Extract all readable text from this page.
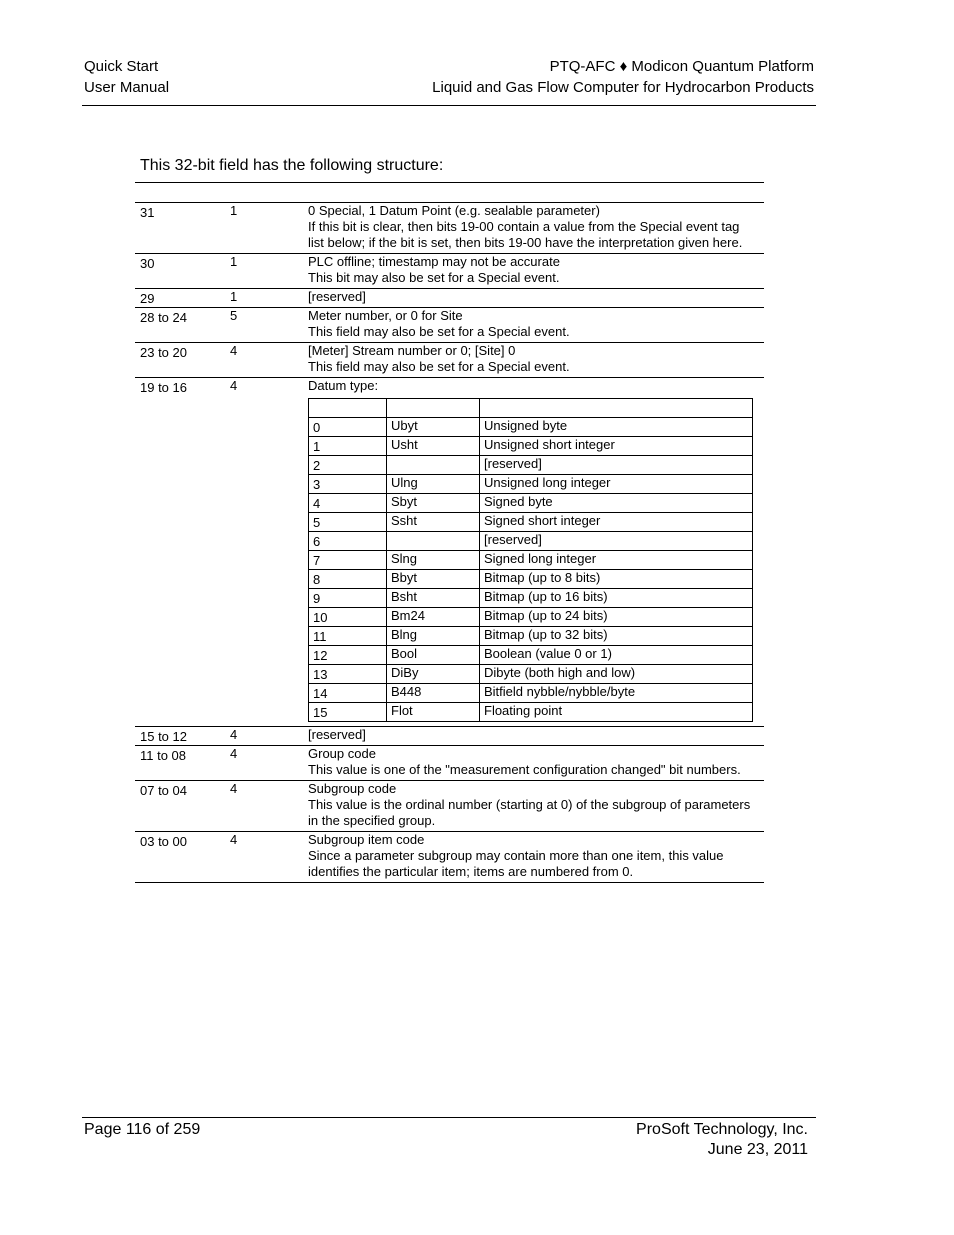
Quick Start
User Manual
PTQ-AFC ♦ Modicon Quantum Platform
Liquid and Gas Flow Computer for Hydrocarbon Products
This 32-bit field has the following structure:
31	1	0 Special, 1 Datum Point (e.g. sealable parameter)
If this bit is clear, then bits 19-00 contain a value from the Special event tag list below; if the bit is set, then bits 19-00 have the interpretation given here.
30	1	PLC offline; timestamp may not be accurate
This bit may also be set for a Special event.
29	1	[reserved]
28 to 24	5	Meter number, or 0 for Site
This field may also be set for a Special event.
23 to 20	4	[Meter] Stream number or 0; [Site] 0
This field may also be set for a Special event.
19 to 16	4	Datum type:

0	Ubyt	Unsigned byte
1	Usht	Unsigned short integer
2		[reserved]
3	Ulng	Unsigned long integer
4	Sbyt	Signed byte
5	Ssht	Signed short integer
6		[reserved]
7	Slng	Signed long integer
8	Bbyt	Bitmap (up to 8 bits)
9	Bsht	Bitmap (up to 16 bits)
10	Bm24	Bitmap (up to 24 bits)
11	Blng	Bitmap (up to 32 bits)
12	Bool	Boolean (value 0 or 1)
13	DiBy	Dibyte (both high and low)
14	B448	Bitfield nybble/nybble/byte
15	Flot	Floating point
15 to 12	4	[reserved]
11 to 08	4	Group code
This value is one of the "measurement configuration changed" bit numbers.
07 to 04	4	Subgroup code
This value is the ordinal number (starting at 0) of the subgroup of parameters in the specified group.
03 to 00	4	Subgroup item code
Since a parameter subgroup may contain more than one item, this value identifies the particular item; items are numbered from 0.
Page 116 of 259	ProSoft Technology, Inc.
June 23, 2011
